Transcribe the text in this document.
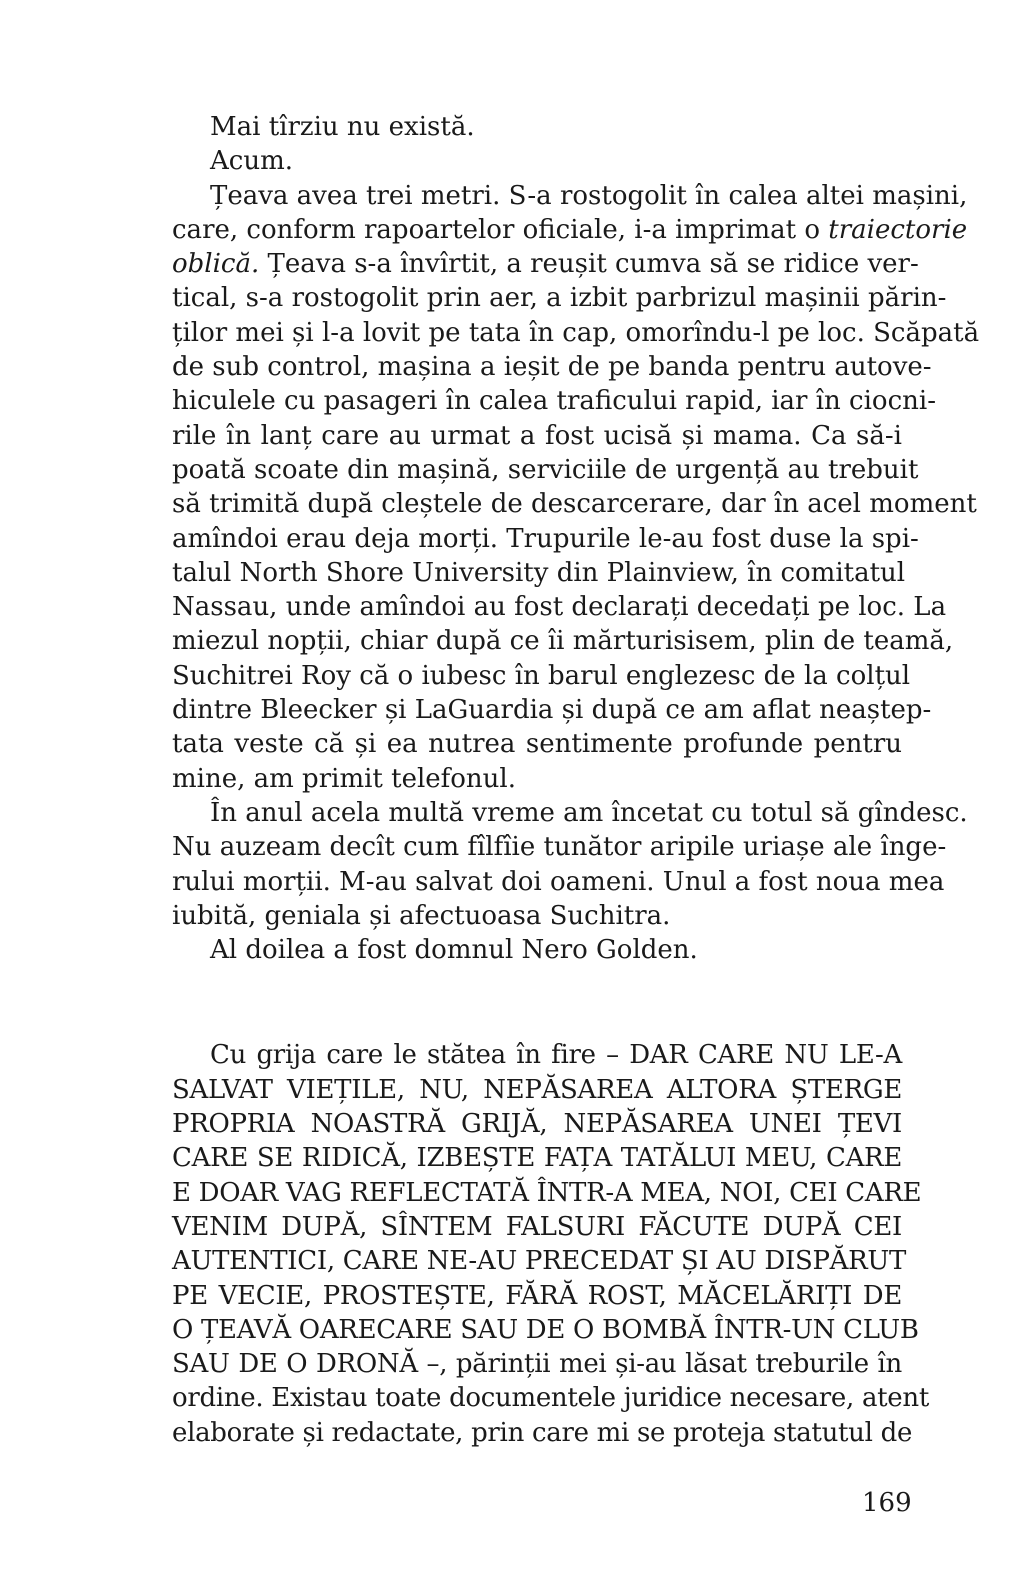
Mai tîrziu nu există.
Acum.
Țeava avea trei metri. S-a rostogolit în calea altei mașini,
care, conform rapoartelor oficiale, i-a imprimat o traiectorie
oblică. Țeava s-a învîrtit, a reușit cumva să se ridice ver-
tical, s-a rostogolit prin aer, a izbit parbrizul mașinii părin-
ților mei și l-a lovit pe tata în cap, omorîndu-l pe loc. Scăpată
de sub control, mașina a ieșit de pe banda pentru autove-
hiculele cu pasageri în calea traficului rapid, iar în ciocni-
rile în lanț care au urmat a fost ucisă și mama. Ca să-i
poată scoate din mașină, serviciile de urgență au trebuit
să trimită după cleștele de descarcerare, dar în acel moment
amîndoi erau deja morți. Trupurile le-au fost duse la spi-
talul North Shore University din Plainview, în comitatul
Nassau, unde amîndoi au fost declarați decedați pe loc. La
miezul nopții, chiar după ce îi mărturisisem, plin de teamă,
Suchitrei Roy că o iubesc în barul englezesc de la colțul
dintre Bleecker și LaGuardia și după ce am aflat neaștep-
tata veste că și ea nutrea sentimente profunde pentru
mine, am primit telefonul.
În anul acela multă vreme am încetat cu totul să gîndesc.
Nu auzeam decît cum fîlfîie tunător aripile uriașe ale înge-
rului morții. M-au salvat doi oameni. Unul a fost noua mea
iubită, geniala și afectuoasa Suchitra.
Al doilea a fost domnul Nero Golden.
Cu grija care le stătea în fire – DAR CARE NU LE-A
SALVAT VIEȚILE, NU, NEPĂSAREA ALTORA ȘTERGE
PROPRIA NOASTRĂ GRIJĂ, NEPĂSAREA UNEI ȚEVI
CARE SE RIDICĂ, IZBEȘTE FAȚA TATĂLUI MEU, CARE
E DOAR VAG REFLECTATĂ ÎNTR-A MEA, NOI, CEI CARE
VENIM DUPĂ, SÎNTEM FALSURI FĂCUTE DUPĂ CEI
AUTENTICI, CARE NE-AU PRECEDAT ȘI AU DISPĂRUT
PE VECIE, PROSTEȘTE, FĂRĂ ROST, MĂCELĂRIȚI DE
O ȚEAVĂ OARECARE SAU DE O BOMBĂ ÎNTR-UN CLUB
SAU DE O DRONĂ –, părinții mei și-au lăsat treburile în
ordine. Existau toate documentele juridice necesare, atent
elaborate și redactate, prin care mi se proteja statutul de
169
